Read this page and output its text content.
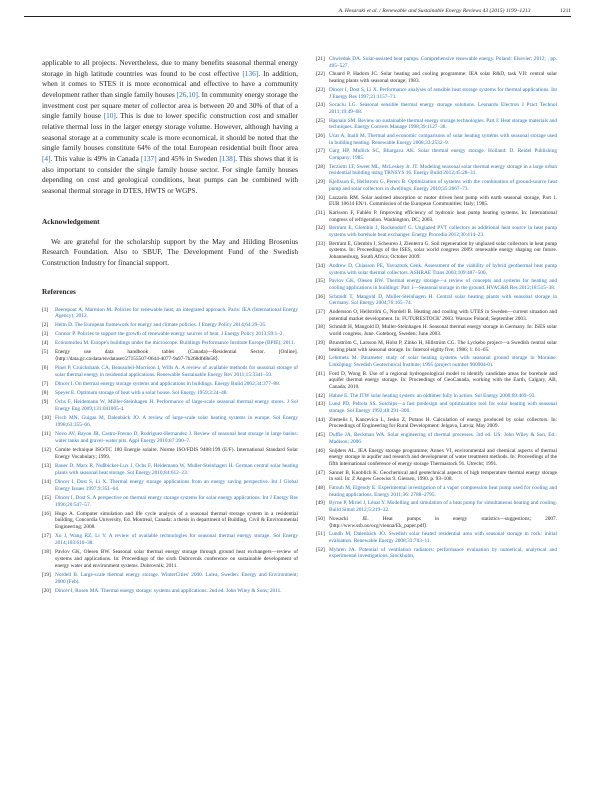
A. Hesaraki et al. / Renewable and Sustainable Energy Reviews 43 (2015) 1199–1213	1211

applicable to all projects. Nevertheless, due to many benefits seasonal thermal energy storage in high latitude countries was found to be cost effective [136]. In addition, when it comes to STES it is more economical and effective to have a community development rather than single family houses [26,10]. In community energy storage the investment cost per square meter of collector area is between 20 and 30% of that of a single family house [10]. This is due to lower specific construction cost and smaller relative thermal loss in the larger energy storage volume. However, although having a seasonal storage at a community scale is more economical, it should be noted that the single family houses constitute 64% of the total European residential built floor area [4]. This value is 49% in Canada [137] and 45% in Sweden [138]. This shows that it is also important to consider the single family house sector. For single family houses depending on cost and geological conditions, heat pumps can be combined with seasonal thermal storage in DTES, HWTS or WGPS.

Acknowledgement

We are grateful for the scholarship support by the May and Hilding Brosenius Research Foundation. Also to SBUF, The Development Fund of the Swedish Construction Industry for financial support.

References
[1]	Beerepoot A, Marmion M. Policies for renewable heat, an integrated approach. Paris: IEA (International Energy Agency); 2012.
[2]	Helm D. The European framework for energy and climate policies. J Energy Policy 2014;64:29–35.
[3]	Connor P. Policies to support the growth of renewable energy sources of heat. J Energy Policy 2013;59:1–2.
[4]	Economidou M. Europe's buildings under the microscope. Buildings Performance Institute Europe (BPIE); 2011.
[5]	Energy use data handbook tables (Canada)—Residential Sector. [Online]. ⟨http://data.gc.ca/data/en/dataset/27155507-0644-4077-9a97-7b268dfd8e58⟩.
[6]	Pinel P, Cruickshank CA, Beausoleil-Morrison I, Wills A. A review of available methods for seasonal storage of solar thermal energy in residential applications. Renewable Sustainable Energy Rev 2011;15:3341–59.
[7]	Dincer I. On thermal energy storage systems and applications in buildings. Energy Build 2002;34:377–88.
[8]	Speyer E. Optimum storage of heat with a solar house. Sol Energy 1959;3:24–48.
[9]	Ochs F, Heidemann W, Müller-Steinhagen H. Performance of large-scale seasonal thermal energy stores. J Sol Energy Eng 2009;131:041005-4.
[10] Fisch MN, Guigas M, Dalenbäck JO. A review of large-scale solar heating systems in europe. Sol Energy 1998;63:355–66.
[11] Novo AV, Bayon JR, Castro-Fresno D, Rodriguez-Hernandez J. Review of seasonal heat storage in large basins: water tanks and gravel–water pits. Appl Energy 2010;87:390–7.
[12] Comite technique ISO/TC 180 Energie solaire. Norme ISO/FDIS 9488:199 (E/F). International Standard Solar Energy Vocabulary; 1999.
[13] Bauer D, Marx R, Nußbicker-Lux J, Ochs F, Heidemann W, Muller-Steinhagen H. German central solar heating plants with seasonal heat storage. Sol Energy 2010;84:612–23.
[14] Dincer I, Dost S, Li X. Thermal energy storage applications from an energy saving perspective. Int J Global Energy Issues 1997;9:351–64.
[15] Dincer I, Dost S. A perspective on thermal energy storage systems for solar energy applications. Int J Energy Res 1996;20:547–57.
[16] Hugo A. Computer simulation and life cycle analysis of a seasonal thermal storage system in a residential building, Concordia University, Ed. Montreal, Canada: a thesis in department of Building, Civil & Environmental Engineering; 2008.
[17] Xu J, Wang RZ, Li Y. A review of available technologies for seasonal thermal energy storage. Sol Energy 2014;103:610–38.
[18] Pavlov GK, Olesen BW. Seasonal solar thermal energy storage through ground heat exchangers—review of systems and applications. In: Proceedings of the sixth Dubrovnik conference on sustainable development of energy water and environment systems. Dubrovnik; 2011.
[19] Nordell B. Large-scale thermal energy storage. WinterCities' 2000. Lulea, Sweden: Energy and Environment; 2000 (Feb).
[20] Dincer I, Rosen MA. Thermal energy storage: systems and applications. 2nd ed. John Wiley & Sons; 2011.
[21] Chwieduk DA. Solar-assisted heat pumps. Comprehensive renewable energy. Poland: Elsevier; 2012; , pp. 495–527.
[22] Chuard P, Hadorn JC. Solar heating and cooling programme: IEA solar R&D, task VII: central solar heating plants with seasonal storage; 1983.
[23] Dincer I, Dost S, Li X. Performance analyses of sensible heat storage systems for thermal applications. Int J Energy Res 1997;21:1157–71.
[24] Socaciu LG. Seasonal sensible thermal energy storage solutions. Leonardo Electron J Pract Technol 2011;19:49–68.
[25] Hasnain SM. Review on sustainable thermal energy storage technologies. Part I: Heat storage materials and techniques. Energy Convers Manage 1998;39:1127–38.
[26] Ucar A, Inalli M. Thermal and economic comparisons of solar heating systems with seasonal storage used in building heating. Renewable Energy 2008;33:2532–9.
[27] Garg HP, Mullick SC, Bhargava AK. Solar thermal energy storage. Holland: D. Reidel Publishing Company; 1985.
[28] Terziotti LT, Sweet ML, McLeskey Jr. JT. Modeling seasonal solar thermal energy storage in a large urban residential building using TRNSYS 16. Energy Build 2012;45:28–31.
[29] Kjellsson E, Hellstrom G, Perers B. Optimization of systems with the combination of ground-source heat pump and solar collectors in dwellings. Energy 2010;35:2667–73.
[30] Lazzarin RM. Solar assisted absorption or motor driven heat pump with earth seasonal storage, Part 1. EUR 10614 EN/1. Commission of the European Communities; Italy; 1985.
[31] Karlsson F, Fahlén P. Improving efficiency of hydronic heat pump heating systems. In: International congress of refrigeration. Washington, DC; 2003.
[32] Bertram E, Glembin J, Rockendorf G. Unglazed PVT collectors as additional heat source in heat pump systems with borehole heat exchanger. Energy Procedia 2012;30:414–23.
[33] Bertram E, Glembin J, Scheuren J, Zienterra G. Soil regeneration by unglazed solar collectors in heat pump systems. In: Proceedings of the ISES, solar world congress 2009: renewable energy shaping our future. Johannesburg, South Africa; October 2009.
[34] Andrew D, Chiasson PE, Yavuzturk Cenk. Assessment of the viability of hybrid geothermal heat pump systems with solar thermal collectors. ASHRAE Trans 2003;109:487–500.
[35] Pavlov GK, Olesen BW. Thermal energy storage—a review of concepts and systems for heating and cooling applications in buildings: Part 1—Seasonal storage in the ground. HVAC&R Res 2012;18:515–38.
[36] Schmidt T, Mangold D, Muller-Steinhagen H. Central solar heating plants with seasonal storage in Germany. Sol Energy 2004;76:165–74.
[37] Andersson O, Hellström G, Nordell B. Heating and cooling with UTES in Sweden—current situation and potential market development. In: FUTURESTOCK' 2003. Warsaw Poland; September 2003.
[38] Schmidt H, Mangold D, Muller-Steinhagen H. Seasonal thermal energy storage in Germany. In: ISES solar world congress, June. Goteborg, Sweden; June 2003.
[39] Brunström C, Larsson M, Holst P, Zinko H, Hillström CG. The Lyckebo project—a Swedish central solar heating plant with seasonal storage. In: Intersol eighty five; 1986; 1: 61–65.
[40] Lehtmets M. Parameter study of solar heating systems with seasonal ground storage in Moraine. Linköping: Swedish Geotechnical Institute; 1995 (project number 900904-0).
[41] Ford D, Wong B. Use of a regional hydrogeological model to identify candidate areas for borehole and aquifer thermal energy storage. In: Proceedings of GeoCanada, working with the Earth, Calgary, AB, Canada; 2010.
[42] Hahne E. The ITW solar heating system: an oldtimer fully in action. Sol Energy 2000;69:469–93.
[43] Lund PD, Peltola SS. Solchips—a fast predesign and optimization tool for solar heating with seasonal storage. Sol Energy 1992;48:291–300.
[44] Ziemelis I, Kancevica L, Jesko Z, Putans H. Calculation of energy produced by solar collectors. In: Proceedings of Engineering for Rural Development: Jelgava, Latvia; May 2009.
[45] Duffie JA, Beckman WA. Solar engineering of thermal processes. 3rd ed. US: John Wiley & Son, Ed.: Madison; 2006.
[46] Snijders AL. IEA Energy storage programme; Annex VI, environmental and chemical aspects of thermal energy storage in aquifer and research and development of water treatment methods. In: Proceedings of the fifth international conference of energy storage Thermastock 91. Utrecht; 1991.
[47] Sanner B, Knoblich K. Geochemical and geotechnical aspects of high temperature thermal energy storage in soil. In: Z Angew Geowiss 9. Giessen, 1990. p. 93–108.
[48] Fatouh M, Elgendy E. Experimental investigation of a vapor compression heat pump used for cooling and heating applications. Energy 2011;36: 2788–2795.
[49] Byrne P, Miriel J, Lénat Y. Modelling and simulation of a heat pump for simultaneous heating and cooling. Build Simul 2012;5:219–32.
[50] Nowacki JE. Heat pumps in energy statistics—suggestions; 2007. ⟨http://www.ssb.no/ocg/vienna/Ek_paper.pdf⟩.
[51] Lundh M, Dalenbäck JO. Swedish solar heated residential area with seasonal storage in rock: initial evaluation. Renewable Energy 2008;33:703–11.
[52] Myhren JA. Potential of ventilation radiators: performance evaluation by numerical, analytical and experimental investigations. Stockholm,
